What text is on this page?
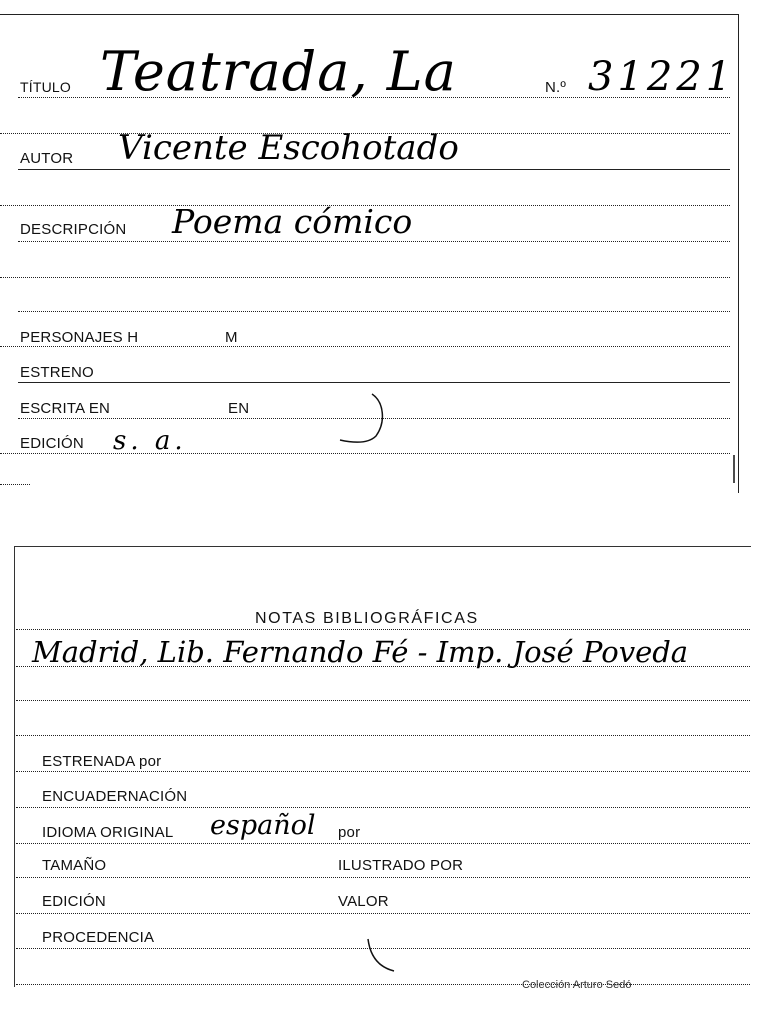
TÍTULO Teatrada, La	N.º 31221
AUTOR Vicente Escohotado
DESCRIPCIÓN Poema cómico
PERSONAJES H	M
ESTRENO
ESCRITA EN	EN
EDICIÓN s. a.
NOTAS BIBLIOGRÁFICAS
Madrid, Lib. Fernando Fé - Imp. José Poveda
ESTRENADA por
ENCUADERNACIÓN
IDIOMA ORIGINAL español por
TAMAÑO	ILUSTRADO POR
EDICIÓN	VALOR
PROCEDENCIA
Colección Arturo Sedó
